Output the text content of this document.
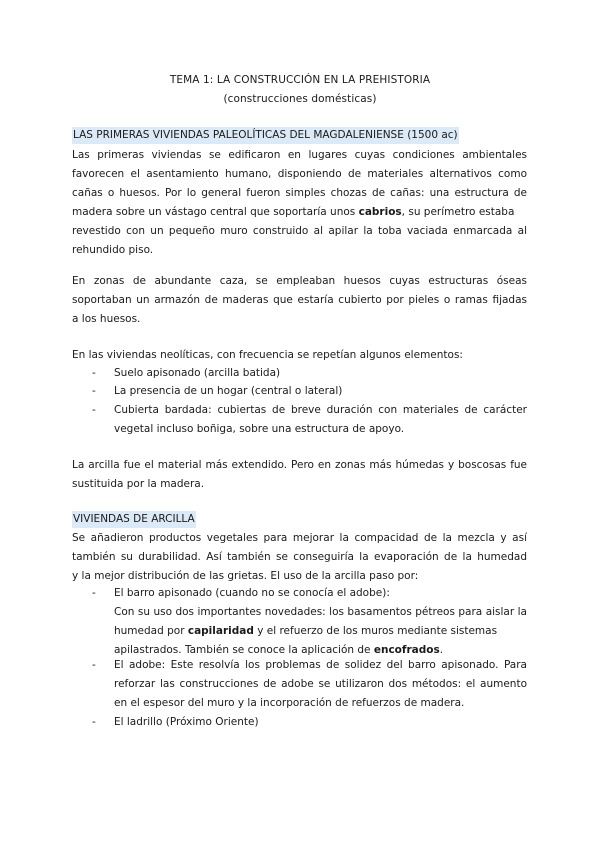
TEMA 1: LA CONSTRUCCIÓN EN LA PREHISTORIA
(construcciones domésticas)
LAS PRIMERAS VIVIENDAS PALEOLÍTICAS DEL MAGDALENIENSE (1500 ac)
Las primeras viviendas se edificaron en lugares cuyas condiciones ambientales
favorecen el asentamiento humano, disponiendo de materiales alternativos como
cañas o huesos. Por lo general fueron simples chozas de cañas: una estructura de
madera sobre un vástago central que soportaría unos cabrios, su perímetro estaba
revestido con un pequeño muro construido al apilar la toba vaciada enmarcada al
rehundido piso.
En zonas de abundante caza, se empleaban huesos cuyas estructuras óseas
soportaban un armazón de maderas que estaría cubierto por pieles o ramas fijadas
a los huesos.
En las viviendas neolíticas, con frecuencia se repetían algunos elementos:
- Suelo apisonado (arcilla batida)
- La presencia de un hogar (central o lateral)
- Cubierta bardada: cubiertas de breve duración con materiales de carácter
vegetal incluso boñiga, sobre una estructura de apoyo.
La arcilla fue el material más extendido. Pero en zonas más húmedas y boscosas fue
sustituida por la madera.
VIVIENDAS DE ARCILLA
Se añadieron productos vegetales para mejorar la compacidad de la mezcla y así
también su durabilidad. Así también se conseguiría la evaporación de la humedad
y la mejor distribución de las grietas. El uso de la arcilla paso por:
- El barro apisonado (cuando no se conocía el adobe):
Con su uso dos importantes novedades: los basamentos pétreos para aislar la
humedad por capilaridad y el refuerzo de los muros mediante sistemas
apilastrados. También se conoce la aplicación de encofrados.
- El adobe: Este resolvía los problemas de solidez del barro apisonado. Para
reforzar las construcciones de adobe se utilizaron dos métodos: el aumento
en el espesor del muro y la incorporación de refuerzos de madera.
- El ladrillo (Próximo Oriente)
